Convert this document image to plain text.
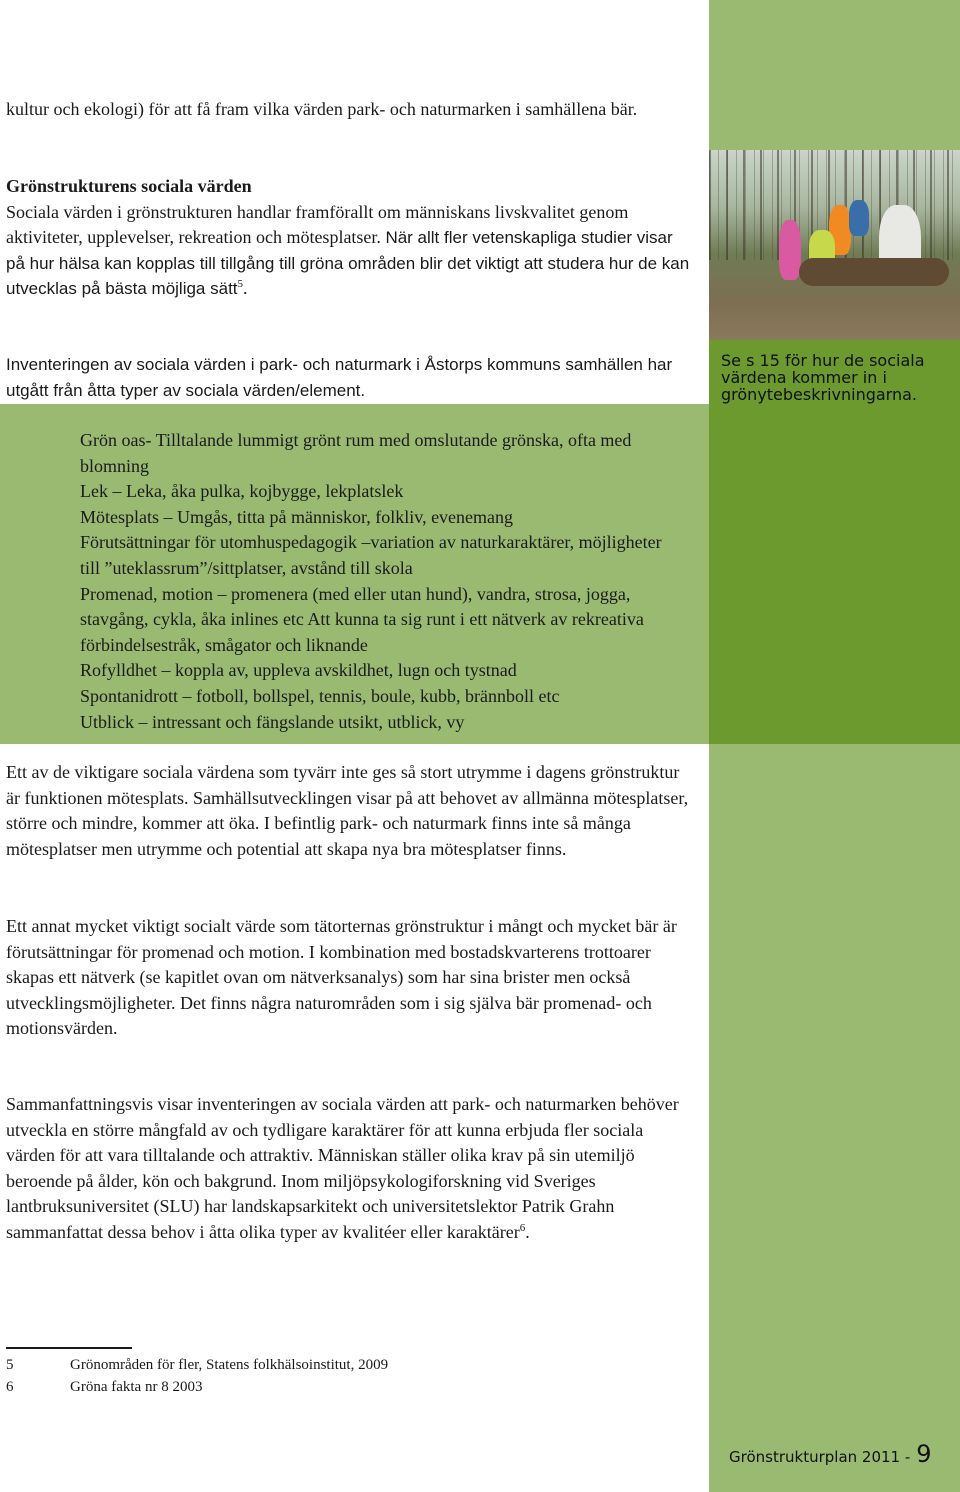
Se s 15 för hur de sociala värdena kommer in i grönytebeskrivningarna.

kultur och ekologi) för att få fram vilka värden park- och naturmarken i samhällena bär.

Grönstrukturens sociala värden
Sociala värden i grönstrukturen handlar framförallt om människans livskvalitet genom aktiviteter, upplevelser, rekreation och mötesplatser. När allt fler vetenskapliga studier visar på hur hälsa kan kopplas till tillgång till gröna områden blir det viktigt att studera hur de kan utvecklas på bästa möjliga sätt$^5$.

Inventeringen av sociala värden i park- och naturmark i Åstorps kommuns samhällen har utgått från åtta typer av sociala värden/element.

Grön oas- Tilltalande lummigt grönt rum med omslutande grönska, ofta med blomning
Lek – Leka, åka pulka, kojbygge, lekplatslek
Mötesplats – Umgås, titta på människor, folkliv, evenemang
Förutsättningar för utomhuspedagogik –variation av naturkaraktärer, möjligheter till ”uteklassrum”/sittplatser, avstånd till skola
Promenad, motion – promenera (med eller utan hund), vandra, strosa, jogga, stavgång, cykla, åka inlines etc Att kunna ta sig runt i ett nätverk av rekreativa förbindelsestråk, smågator och liknande
Rofylldhet – koppla av, uppleva avskildhet, lugn och tystnad
Spontanidrott – fotboll, bollspel, tennis, boule, kubb, brännboll etc
Utblick – intressant och fängslande utsikt, utblick, vy

Ett av de viktigare sociala värdena som tyvärr inte ges så stort utrymme i dagens grönstruktur är funktionen mötesplats. Samhällsutvecklingen visar på att behovet av allmänna mötesplatser, större och mindre, kommer att öka. I befintlig park- och naturmark finns inte så många mötesplatser men utrymme och potential att skapa nya bra mötesplatser finns.

Ett annat mycket viktigt socialt värde som tätorternas grönstruktur i mångt och mycket bär är förutsättningar för promenad och motion. I kombination med bostadskvarterens trottoarer skapas ett nätverk (se kapitlet ovan om nätverksanalys) som har sina brister men också utvecklingsmöjligheter. Det finns några naturområden som i sig själva bär promenad- och motionsvärden.

Sammanfattningsvis visar inventeringen av sociala värden att park- och naturmarken behöver utveckla en större mångfald av och tydligare karaktärer för att kunna erbjuda fler sociala värden för att vara tilltalande och attraktiv. Människan ställer olika krav på sin utemiljö beroende på ålder, kön och bakgrund. Inom miljöpsykologiforskning vid Sveriges lantbruksuniversitet (SLU) har landskapsarkitekt och universitetslektor Patrik Grahn sammanfattat dessa behov i åtta olika typer av kvalitéer eller karaktärer$^6$.

5	Grönområden för fler, Statens folkhälsoinstitut, 2009
6	Gröna fakta nr 8 2003
Grönstrukturplan 2011 - 9
